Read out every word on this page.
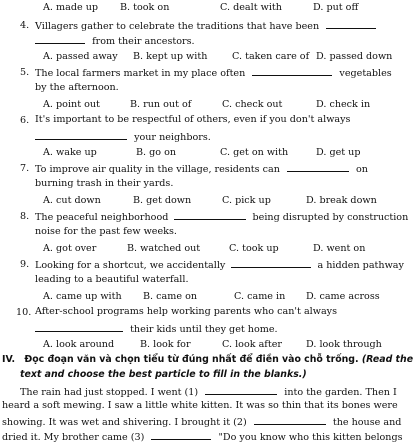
A. made up B. took on	C. dealt with	D. put off
4. Villagers gather to celebrate the traditions that have been
from their ancestors.
A. passed away B. kept up with	C. taken care of D. passed down
5. The local farmers market in my place often	vegetables
by the afternoon.
A. point out	B. run out of	C. check out	D. check in
6. It's important to be respectful of others, even if you don't always
your neighbors.
A. wake up	B. go on	C. get on with	D. get up
7. To improve air quality in the village, residents can	on
burning trash in their yards.
A. cut down	B. get down	C. pick up	D. break down
8. The peaceful neighborhood	being disrupted by construction
noise for the past few weeks.
A. got over	B. watched out	C. took up	D. went on
9. Looking for a shortcut, we accidentally	a hidden pathway
leading to a beautiful waterfall.
A. came up with B. came on	C. came in D. came across
10. After-school programs help working parents who can't always
their kids until they get home.
A. look around	B. look for	C. look after	D. look through
IV. Đọc đoạn văn và chọn tiểu từ đúng nhất để điền vào chỗ trống. (Read the
text and choose the best particle to fill in the blanks.)
The rain had just stopped. I went (1)	into the garden. Then I
heard a soft mewing. I saw a little white kitten. It was so thin that its bones were
showing. It was wet and shivering. I brought it (2)	the house and
dried it. My brother came (3)	"Do you know who this kitten belongs
